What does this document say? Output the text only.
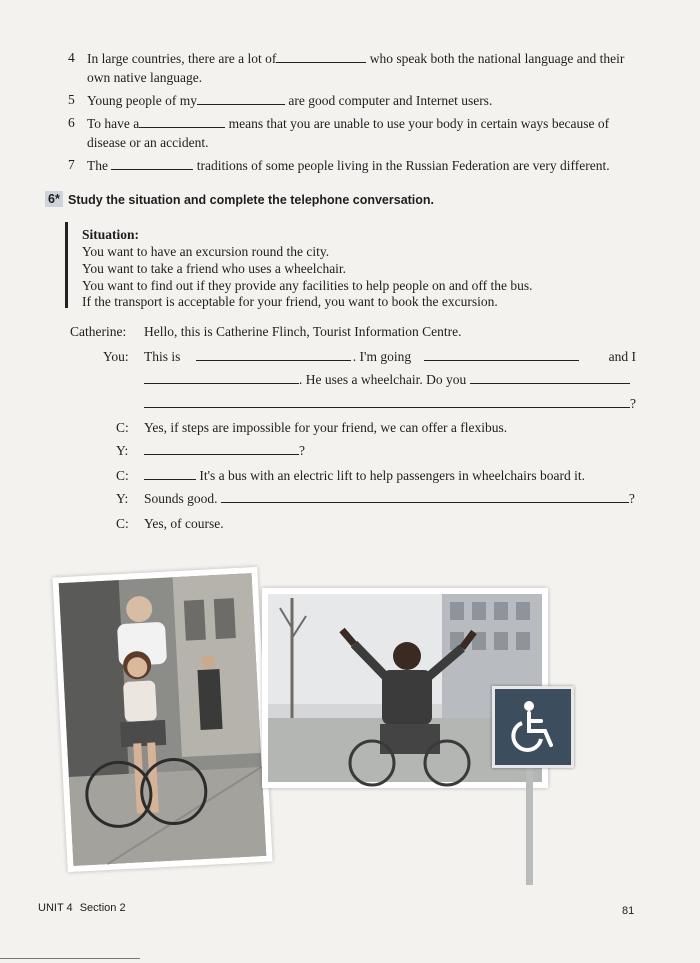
4 In large countries, there are a lot of	who speak both the national language and their
own native language.
5 Young people of my	are good computer and Internet users.
6 To have a	means that you are unable to use your body in certain ways because of
disease or an accident.
7 The	traditions of some people living in the Russian Federation are very different.
6* Study the situation and complete the telephone conversation.
Situation:
You want to have an excursion round the city.
You want to take a friend who uses a wheelchair.
You want to find out if they provide any facilities to help people on and off the bus.
If the transport is acceptable for your friend, you want to book the excursion.
Catherine: Hello, this is Catherine Flinch, Tourist Information Centre.
You: This is	. I'm going	and I
. He uses a wheelchair. Do you
?
C: Yes, if steps are impossible for your friend, we can offer a flexibus.
Y:	?
C:	It's a bus with an electric lift to help passengers in wheelchairs board it.
Y: Sounds good.	?
C: Yes, of course.
UNIT 4 Section 2	81
